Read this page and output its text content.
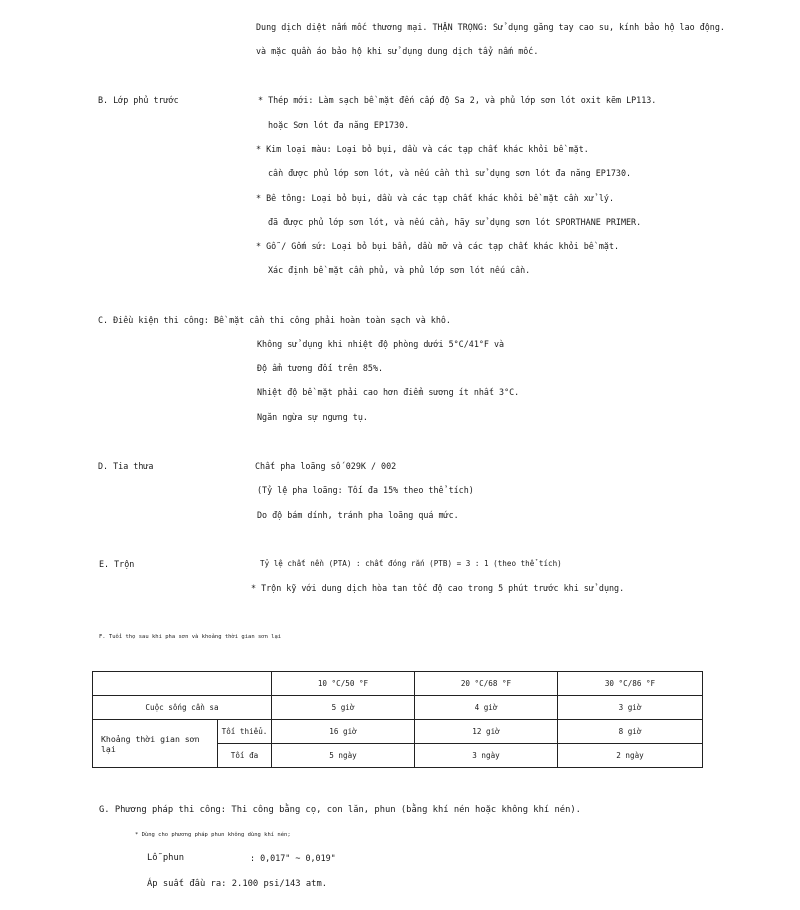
Dung dịch diệt nấm mốc thương mại. THẬN TRỌNG: Sử dụng găng tay cao su, kính bảo hộ lao động.
và mặc quần áo bảo hộ khi sử dụng dung dịch tẩy nấm mốc.
B. Lớp phủ trước	* Thép mới: Làm sạch bề mặt đến cấp độ Sa 2, và phủ lớp sơn lót oxit kẽm LP113.
hoặc Sơn lót đa năng EP1730.
* Kim loại màu: Loại bỏ bụi, dầu và các tạp chất khác khỏi bề mặt.
cần được phủ lớp sơn lót, và nếu cần thì sử dụng sơn lót đa năng EP1730.
* Bê tông: Loại bỏ bụi, dầu và các tạp chất khác khỏi bề mặt cần xử lý.
đã được phủ lớp sơn lót, và nếu cần, hãy sử dụng sơn lót SPORTHANE PRIMER.
* Gỗ / Gốm sứ: Loại bỏ bụi bẩn, dầu mỡ và các tạp chất khác khỏi bề mặt.
Xác định bề mặt cần phủ, và phủ lớp sơn lót nếu cần.
C. Điều kiện thi công: Bề mặt cần thi công phải hoàn toàn sạch và khô.
Không sử dụng khi nhiệt độ phòng dưới 5°C/41°F và
Độ ẩm tương đối trên 85%.
Nhiệt độ bề mặt phải cao hơn điểm sương ít nhất 3°C.
Ngăn ngừa sự ngưng tụ.
D. Tia thưa	Chất pha loãng số 029K / 002
(Tỷ lệ pha loãng: Tối đa 15% theo thể tích)
Do độ bám dính, tránh pha loãng quá mức.
E. Trộn	Tỷ lệ chất nền (PTA) : chất đóng rắn (PTB) = 3 : 1 (theo thể tích)
* Trộn kỹ với dung dịch hòa tan tốc độ cao trong 5 phút trước khi sử dụng.
F. Tuổi thọ sau khi pha sơn và khoảng thời gian sơn lại
		10 °C/50 °F	20 °C/68 °F	30 °C/86 °F
Cuộc sống cần sa		5 giờ	4 giờ	3 giờ
Khoảng thời gian sơn lại	Tối thiểu.	16 giờ	12 giờ	8 giờ
	Tối đa	5 ngày	3 ngày	2 ngày
G. Phương pháp thi công: Thi công bằng cọ, con lăn, phun (bằng khí nén hoặc không khí nén).
* Dùng cho phương pháp phun không dùng khí nén;
Lỗ phun	: 0,017" ~ 0,019"
Áp suất đầu ra: 2.100 psi/143 atm.
